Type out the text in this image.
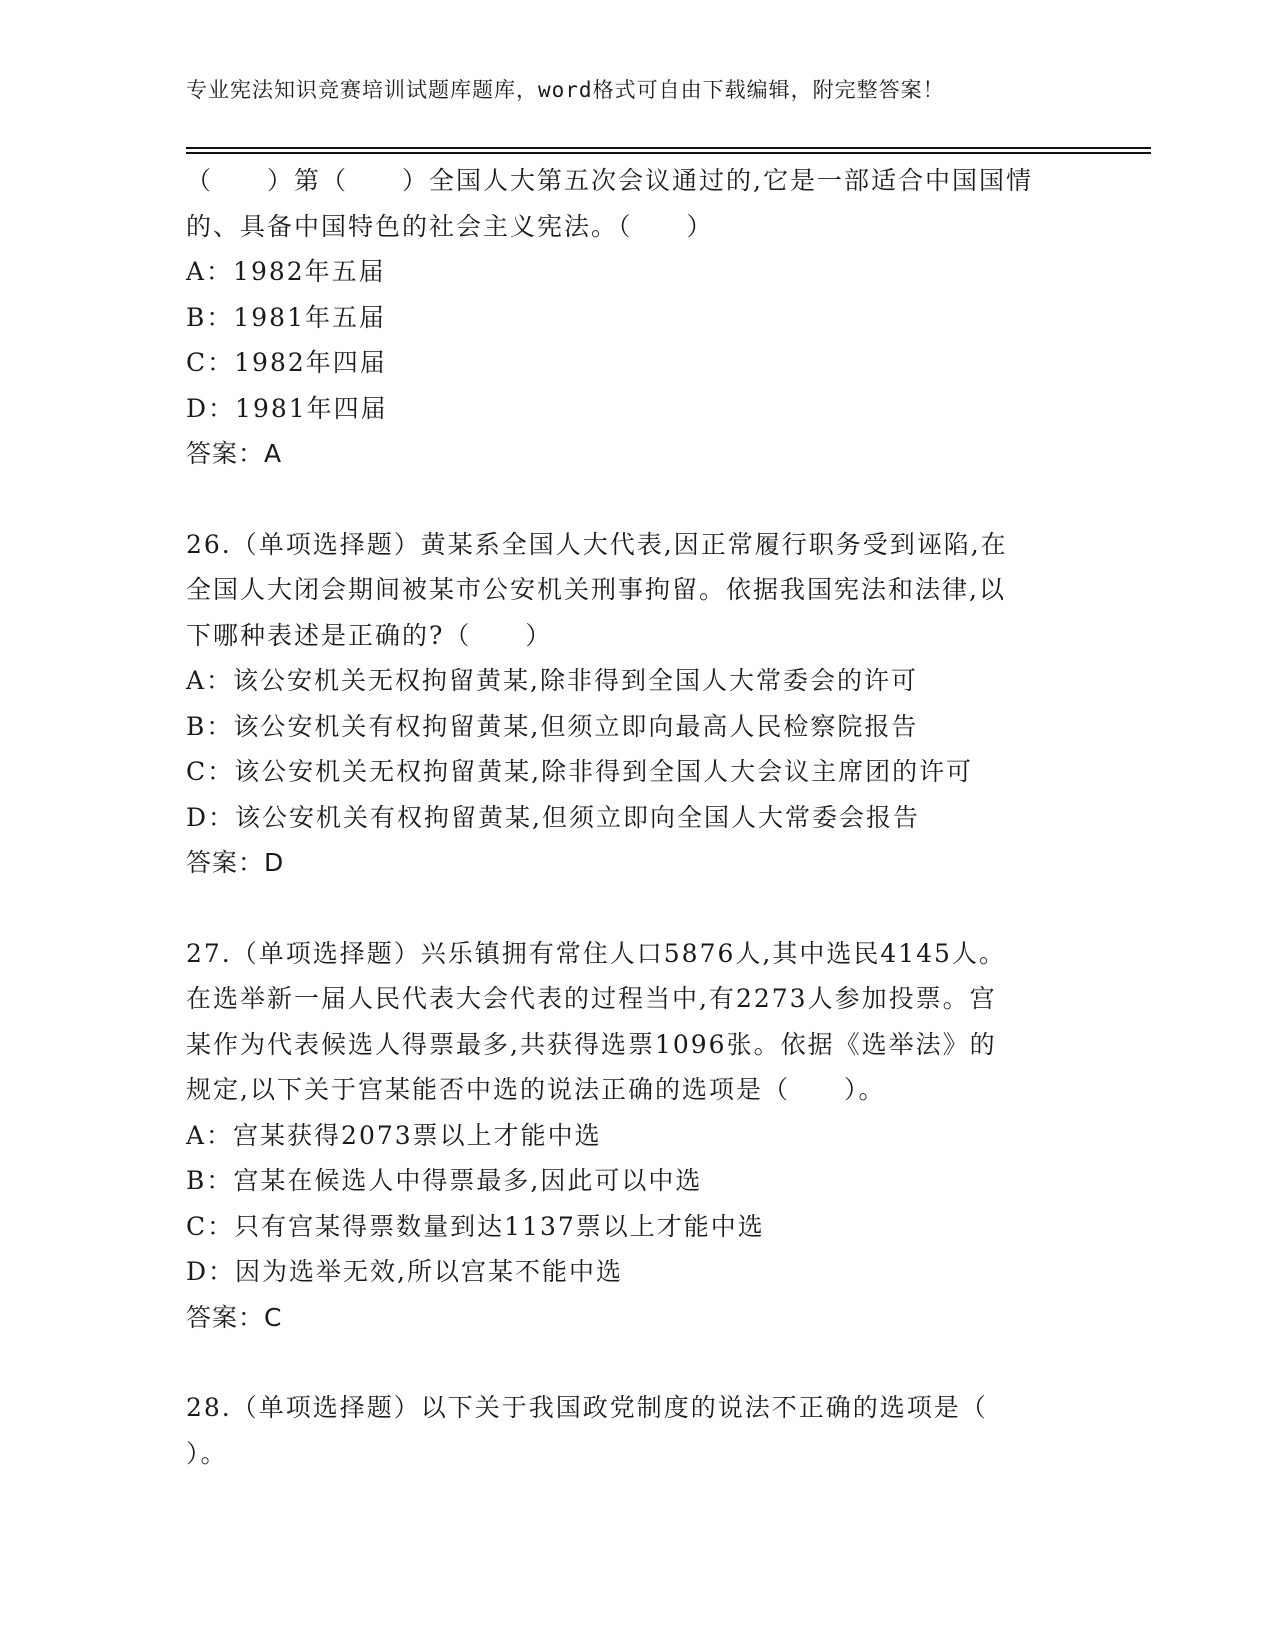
专业宪法知识竞赛培训试题库题库，word格式可自由下载编辑，附完整答案！
（　　）第（　　）全国人大第五次会议通过的,它是一部适合中国国情
的、具备中国特色的社会主义宪法。（　　）
A：1982年五届
B：1981年五届
C：1982年四届
D：1981年四届
答案：A
26.（单项选择题）黄某系全国人大代表,因正常履行职务受到诬陷,在
全国人大闭会期间被某市公安机关刑事拘留。依据我国宪法和法律,以
下哪种表述是正确的?（　　）
A：该公安机关无权拘留黄某,除非得到全国人大常委会的许可
B：该公安机关有权拘留黄某,但须立即向最高人民检察院报告
C：该公安机关无权拘留黄某,除非得到全国人大会议主席团的许可
D：该公安机关有权拘留黄某,但须立即向全国人大常委会报告
答案：D
27.（单项选择题）兴乐镇拥有常住人口5876人,其中选民4145人。
在选举新一届人民代表大会代表的过程当中,有2273人参加投票。宫
某作为代表候选人得票最多,共获得选票1096张。依据《选举法》的
规定,以下关于宫某能否中选的说法正确的选项是（　　）。
A：宫某获得2073票以上才能中选
B：宫某在候选人中得票最多,因此可以中选
C：只有宫某得票数量到达1137票以上才能中选
D：因为选举无效,所以宫某不能中选
答案：C
28.（单项选择题）以下关于我国政党制度的说法不正确的选项是（
）。
